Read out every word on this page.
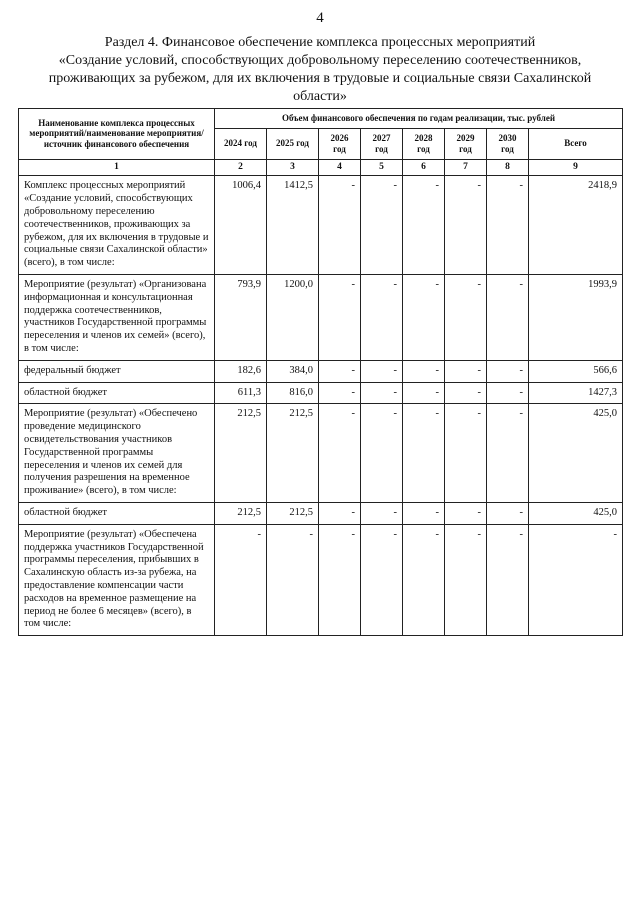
4
Раздел 4. Финансовое обеспечение комплекса процессных мероприятий
«Создание условий, способствующих добровольному переселению соотечественников, проживающих за рубежом, для их включения в трудовые и социальные связи Сахалинской области»
Наименование комплекса процессных мероприятий/наименование мероприятия/источник финансового обеспечения	Объем финансового обеспечения по годам реализации, тыс. рублей							
	2024 год	2025 год	2026 год	2027 год	2028 год	2029 год	2030 год	Всего
1	2	3	4	5	6	7	8	9
Комплекс процессных мероприятий «Создание условий, способствующих добровольному переселению соотечественников, проживающих за рубежом, для их включения в трудовые и социальные связи Сахалинской области» (всего), в том числе:	1006,4	1412,5	-	-	-	-	-	2418,9
Мероприятие (результат) «Организована информационная и консультационная поддержка соотечественников, участников Государственной программы переселения и членов их семей» (всего), в том числе:	793,9	1200,0	-	-	-	-	-	1993,9
федеральный бюджет	182,6	384,0	-	-	-	-	-	566,6
областной бюджет	611,3	816,0	-	-	-	-	-	1427,3
Мероприятие (результат) «Обеспечено проведение медицинского освидетельствования участников Государственной программы переселения и членов их семей для получения разрешения на временное проживание» (всего), в том числе:	212,5	212,5	-	-	-	-	-	425,0
областной бюджет	212,5	212,5	-	-	-	-	-	425,0
Мероприятие (результат) «Обеспечена поддержка участников Государственной программы переселения, прибывших в Сахалинскую область из-за рубежа, на предоставление компенсации части расходов на временное размещение на период не более 6 месяцев» (всего), в том числе:	-	-	-	-	-	-	-	-
